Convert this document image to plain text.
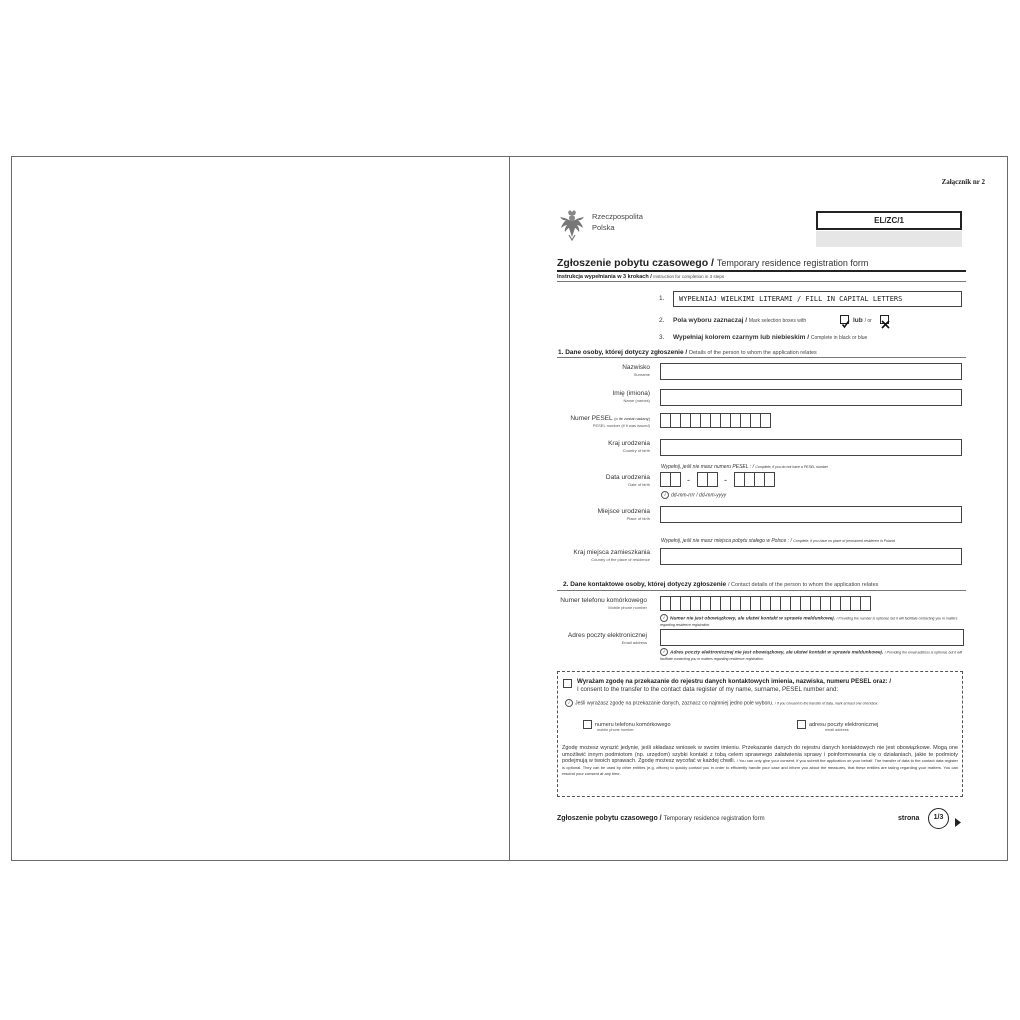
Załącznik nr 2
Rzeczpospolita
Polska
EL/ZC/1
Zgłoszenie pobytu czasowego / Temporary residence registration form
Instrukcja wypełniania w 3 krokach / Instruction for completion in 3 steps
1.	WYPEŁNIAJ WIELKIMI LITERAMI / FILL IN CAPITAL LETTERS
2. Pola wyboru zaznaczaj / Mark selection boxes with	lub / or
3. Wypełniaj kolorem czarnym lub niebieskim / Complete in black or blue
1. Dane osoby, której dotyczy zgłoszenie / Details of the person to whom the application relates
Nazwisko
Surname
Imię (imiona)
Name (names)
Numer PESEL (o ile został nadany)
PESEL number (if it was issued)
Kraj urodzenia
Country of birth
Wypełnij, jeśli nie masz numeru PESEL : / Complete, if you do not have a PESEL number
Data urodzenia
Date of birth	-	-
i dd-mm-rrrr / dd-mm-yyyy
Miejsce urodzenia
Place of birth
Wypełnij, jeśli nie masz miejsca pobytu stałego w Polsce : / Complete, if you have no place of permanent residence in Poland
Kraj miejsca zamieszkania
Country of the place of residence
2. Dane kontaktowe osoby, której dotyczy zgłoszenie / Contact details of the person to whom the application relates
Numer telefonu komórkowego
Mobile phone number
i Numer nie jest obowiązkowy, ale ułatwi kontakt w sprawie meldunkowej. / Providing the number is optional, but it will facilitate contacting you in matters regarding residence registration.
Adres poczty elektronicznej
Email address
i Adres poczty elektronicznej nie jest obowiązkowy, ale ułatwi kontakt w sprawie meldunkowej. / Providing the email address is optional, but it will facilitate contacting you in matters regarding residence registration.
Wyrażam zgodę na przekazanie do rejestru danych kontaktowych imienia, nazwiska, numeru PESEL oraz: /
I consent to the transfer to the contact data register of my name, surname, PESEL number and:
i Jeśli wyrażasz zgodę na przekazanie danych, zaznacz co najmniej jedno pole wyboru. / If you consent to the transfer of data, mark at least one checkbox.
numeru telefonu komórkowego
mobile phone number
adresu poczty elektronicznej
email address
Zgodę możesz wyrazić jedynie, jeśli składasz wniosek w swoim imieniu. Przekazanie danych do rejestru danych kontaktowych nie jest obowiązkowe. Mogą one umożliwić innym podmiotom (np. urzędom) szybki kontakt z tobą celem sprawnego załatwienia sprawy i poinformowania cię o działaniach, jakie te podmioty podejmują w twoich sprawach. Zgodę możesz wycofać w każdej chwili. / You can only give your consent, if you submit the application on your behalf. The transfer of data to the contact data register is optional. They can be used by other entities (e.g. offices) to quickly contact you in order to efficiently handle your case and inform you about the measures, that these entities are taking regarding your matters. You can rescind your consent at any time.
Zgłoszenie pobytu czasowego / Temporary residence registration form	strona	1/3
